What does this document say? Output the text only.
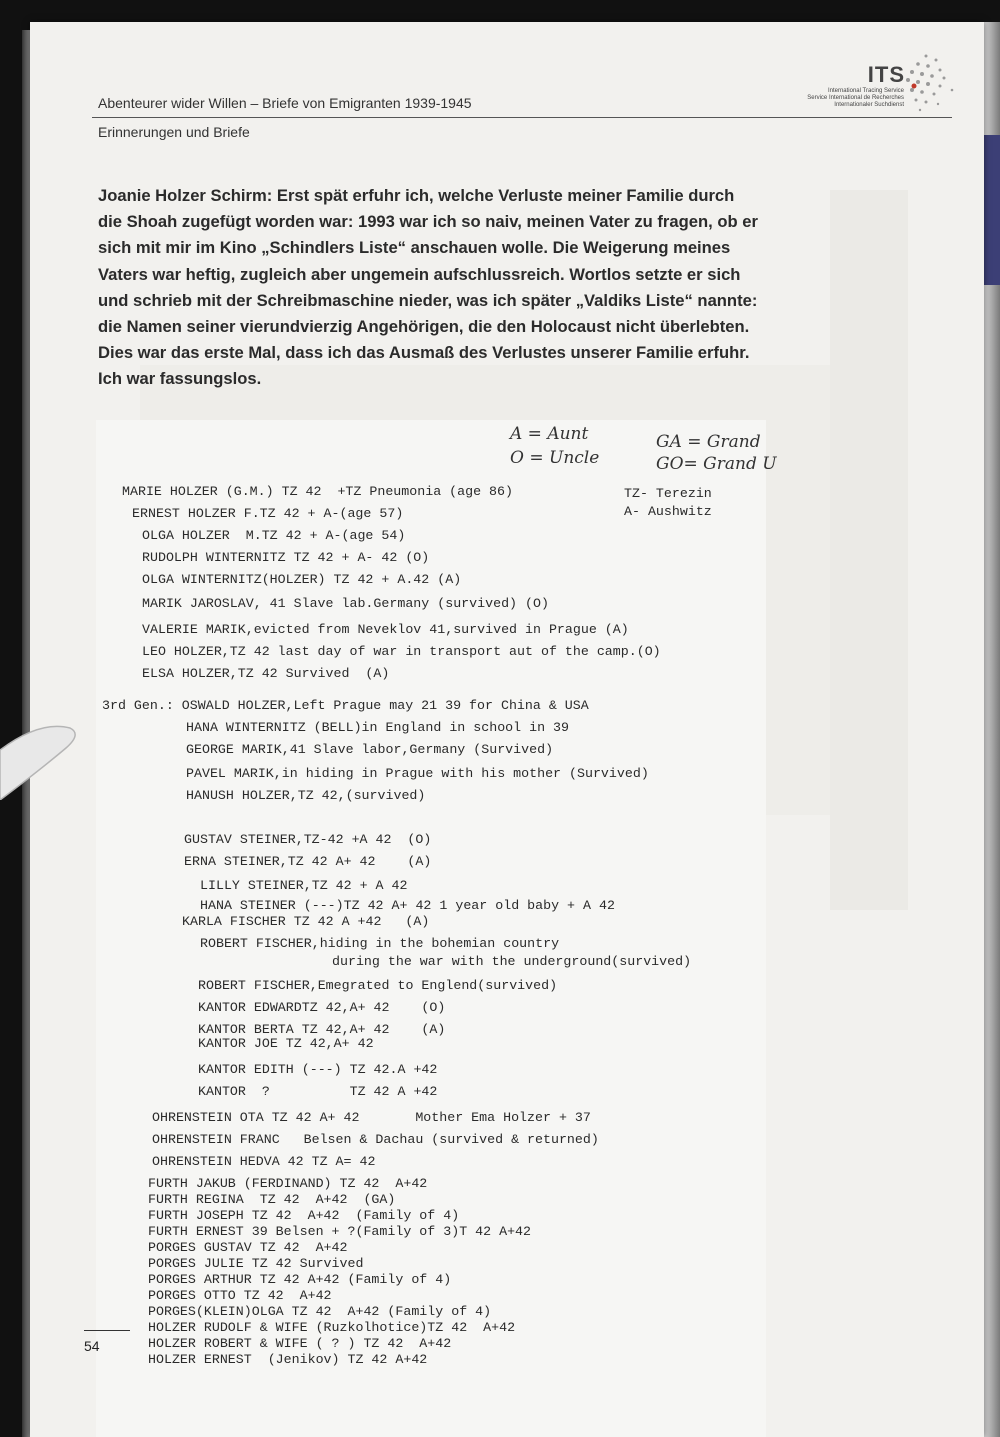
Abenteurer wider Willen – Briefe von Emigranten 1939-1945
Erinnerungen und Briefe
ITS
International Tracing Service
Service International de Recherches
Internationaler Suchdienst
Joanie Holzer Schirm: Erst spät erfuhr ich, welche Verluste meiner Familie durch die Shoah zugefügt worden war: 1993 war ich so naiv, meinen Vater zu fragen, ob er sich mit mir im Kino „Schindlers Liste“ anschauen wolle. Die Weigerung meines Vaters war heftig, zugleich aber ungemein aufschlussreich. Wortlos setzte er sich und schrieb mit der Schreibmaschine nieder, was ich später „Valdiks Liste“ nannte: die Namen seiner vierundvierzig Angehörigen, die den Holocaust nicht überlebten. Dies war das erste Mal, dass ich das Ausmaß des Verlustes unserer Familie erfuhr. Ich war fassungslos.
A = Aunt
O = Uncle
GA = Grand
GO= Grand U
TZ- Terezin
A- Aushwitz
MARIE HOLZER (G.M.) TZ 42  +TZ Pneumonia (age 86)
ERNEST HOLZER F.TZ 42 + A-(age 57)
OLGA HOLZER  M.TZ 42 + A-(age 54)
RUDOLPH WINTERNITZ TZ 42 + A- 42 (O)
OLGA WINTERNITZ(HOLZER) TZ 42 + A.42 (A)
MARIK JAROSLAV, 41 Slave lab.Germany (survived) (O)
VALERIE MARIK,evicted from Neveklov 41,survived in Prague (A)
LEO HOLZER,TZ 42 last day of war in transport aut of the camp.(O)
ELSA HOLZER,TZ 42 Survived  (A)
3rd Gen.: OSWALD HOLZER,Left Prague may 21 39 for China & USA
HANA WINTERNITZ (BELL)in England in school in 39
GEORGE MARIK,41 Slave labor,Germany (Survived)
PAVEL MARIK,in hiding in Prague with his mother (Survived)
HANUSH HOLZER,TZ 42,(survived)
GUSTAV STEINER,TZ-42 +A 42  (O)
ERNA STEINER,TZ 42 A+ 42    (A)
LILLY STEINER,TZ 42 + A 42
HANA STEINER (---)TZ 42 A+ 42 1 year old baby + A 42
KARLA FISCHER TZ 42 A +42   (A)
ROBERT FISCHER,hiding in the bohemian country
during the war with the underground(survived)
ROBERT FISCHER,Emegrated to Englend(survived)
KANTOR EDWARDTZ 42,A+ 42    (O)
KANTOR BERTA TZ 42,A+ 42    (A)
KANTOR JOE TZ 42,A+ 42
KANTOR EDITH (---) TZ 42.A +42
KANTOR  ?          TZ 42 A +42
OHRENSTEIN OTA TZ 42 A+ 42       Mother Ema Holzer + 37
OHRENSTEIN FRANC   Belsen & Dachau (survived & returned)
OHRENSTEIN HEDVA 42 TZ A= 42
FURTH JAKUB (FERDINAND) TZ 42  A+42
FURTH REGINA  TZ 42  A+42  (GA)
FURTH JOSEPH TZ 42  A+42  (Family of 4)
FURTH ERNEST 39 Belsen + ?(Family of 3)T 42 A+42
PORGES GUSTAV TZ 42  A+42
PORGES JULIE TZ 42 Survived
PORGES ARTHUR TZ 42 A+42 (Family of 4)
PORGES OTTO TZ 42  A+42
PORGES(KLEIN)OLGA TZ 42  A+42 (Family of 4)
HOLZER RUDOLF & WIFE (Ruzkolhotice)TZ 42  A+42
HOLZER ROBERT & WIFE ( ? ) TZ 42  A+42
HOLZER ERNEST  (Jenikov) TZ 42 A+42
54
